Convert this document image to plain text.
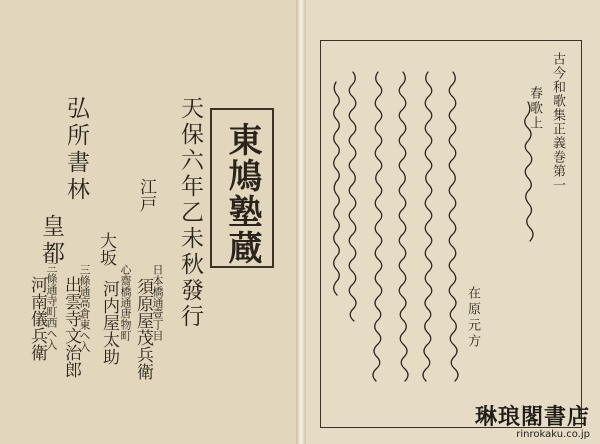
東鳩塾蔵
天保六年乙未秋發行
江戸
日本橋通壹丁目
須原屋茂兵衛
大坂
心齋橋通唐物町
河内屋太助
皇都
三條通高倉東ヘ入
出雲寺文治郎
三條通寺町西ヘ入
河南儀兵衛
弘所書林	古今和歌集正義巻第一
春歌上
在原元方
琳琅閣書店
rinrokaku.co.jp
